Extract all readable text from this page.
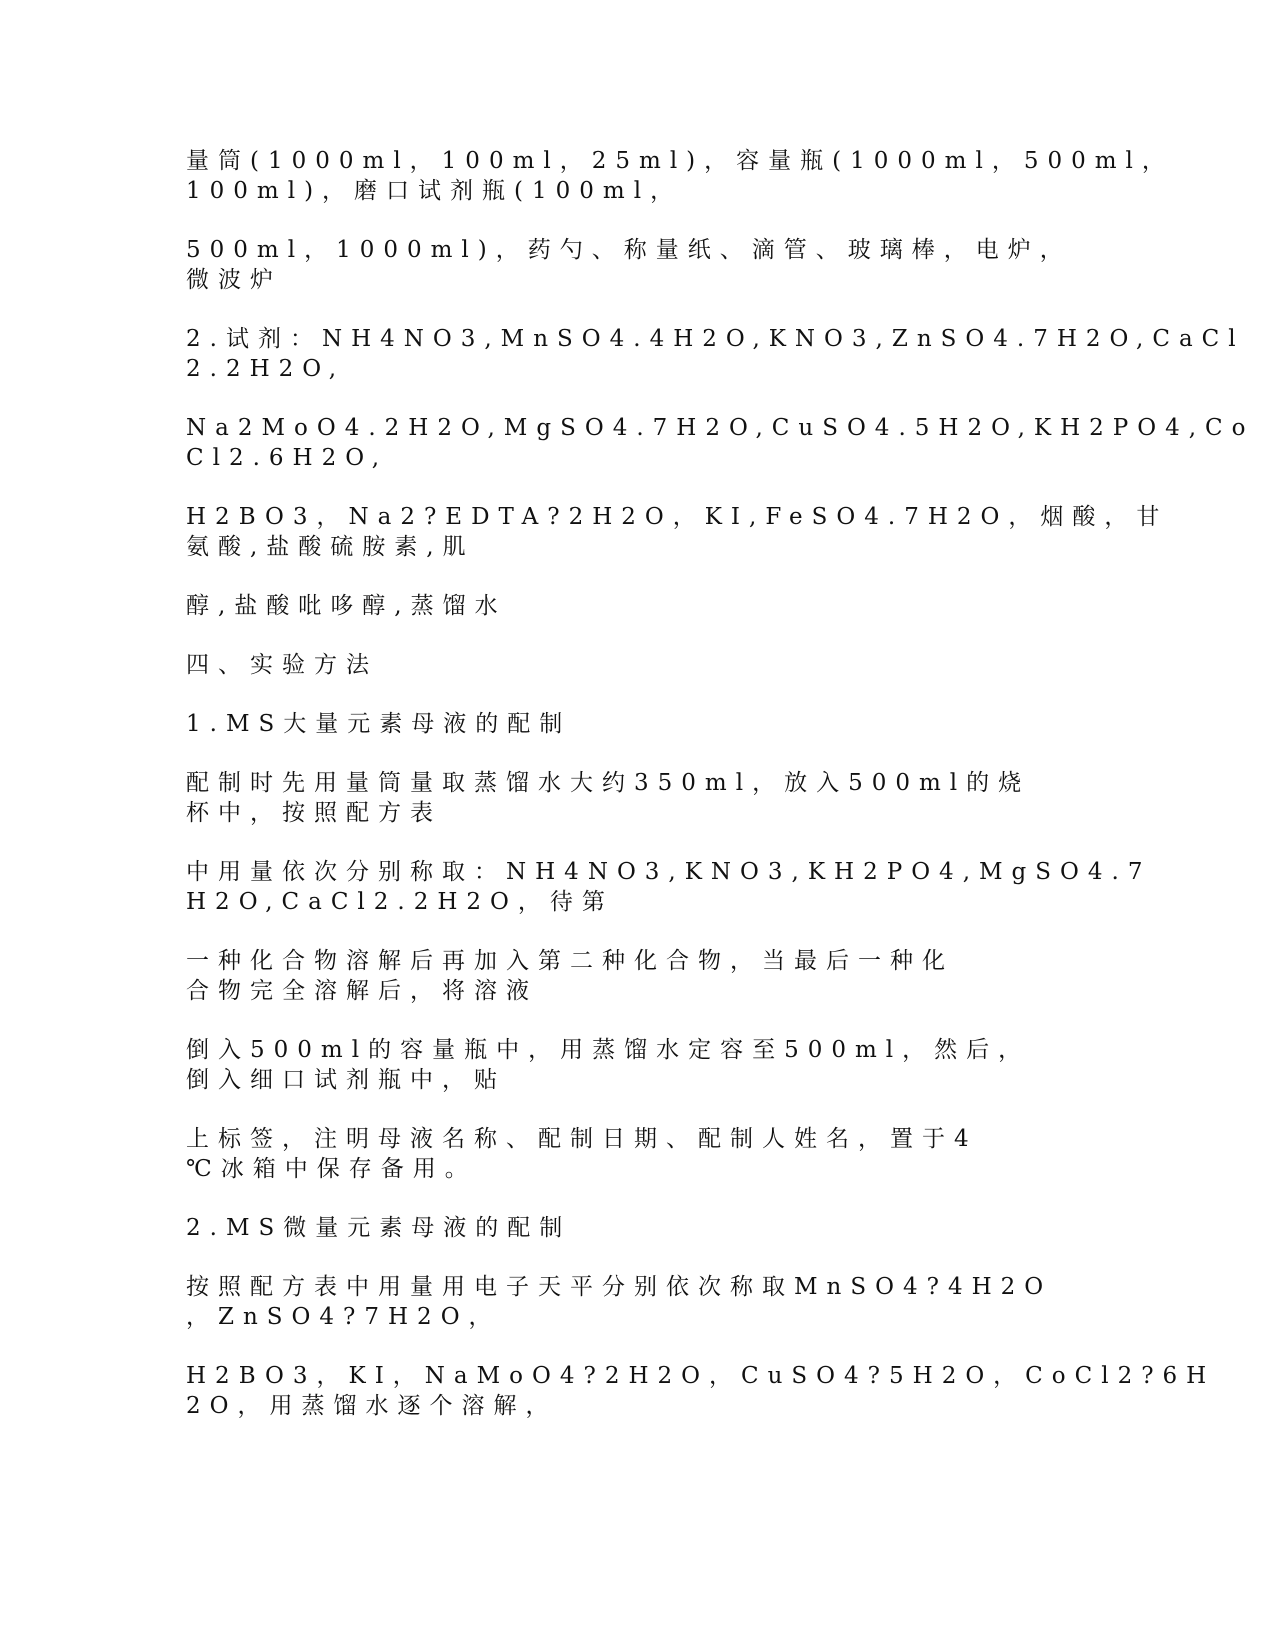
量筒(1000ml，100ml，25ml)，容量瓶(1000ml，500ml，
100ml)，磨口试剂瓶(100ml，

500ml，1000ml)，药勺、称量纸、滴管、玻璃棒，电炉，
微波炉

2.试剂：NH4NO3,MnSO4.4H2O,KNO3,ZnSO4.7H2O,CaCl
2.2H2O,

Na2MoO4.2H2O,MgSO4.7H2O,CuSO4.5H2O,KH2PO4,Co
Cl2.6H2O,

H2BO3，Na2?EDTA?2H2O，KI,FeSO4.7H2O，烟酸，甘
氨酸,盐酸硫胺素,肌

醇,盐酸吡哆醇,蒸馏水

四、实验方法

1.MS大量元素母液的配制

配制时先用量筒量取蒸馏水大约350ml，放入500ml的烧
杯中，按照配方表

中用量依次分别称取：NH4NO3,KNO3,KH2PO4,MgSO4.7
H2O,CaCl2.2H2O，待第

一种化合物溶解后再加入第二种化合物，当最后一种化
合物完全溶解后，将溶液

倒入500ml的容量瓶中，用蒸馏水定容至500ml，然后，
倒入细口试剂瓶中，贴

上标签，注明母液名称、配制日期、配制人姓名，置于4
℃冰箱中保存备用。

2.MS微量元素母液的配制

按照配方表中用量用电子天平分别依次称取MnSO4?4H2O
，ZnSO4?7H2O，

H2BO3，KI，NaMoO4?2H2O，CuSO4?5H2O，CoCl2?6H
2O，用蒸馏水逐个溶解，
